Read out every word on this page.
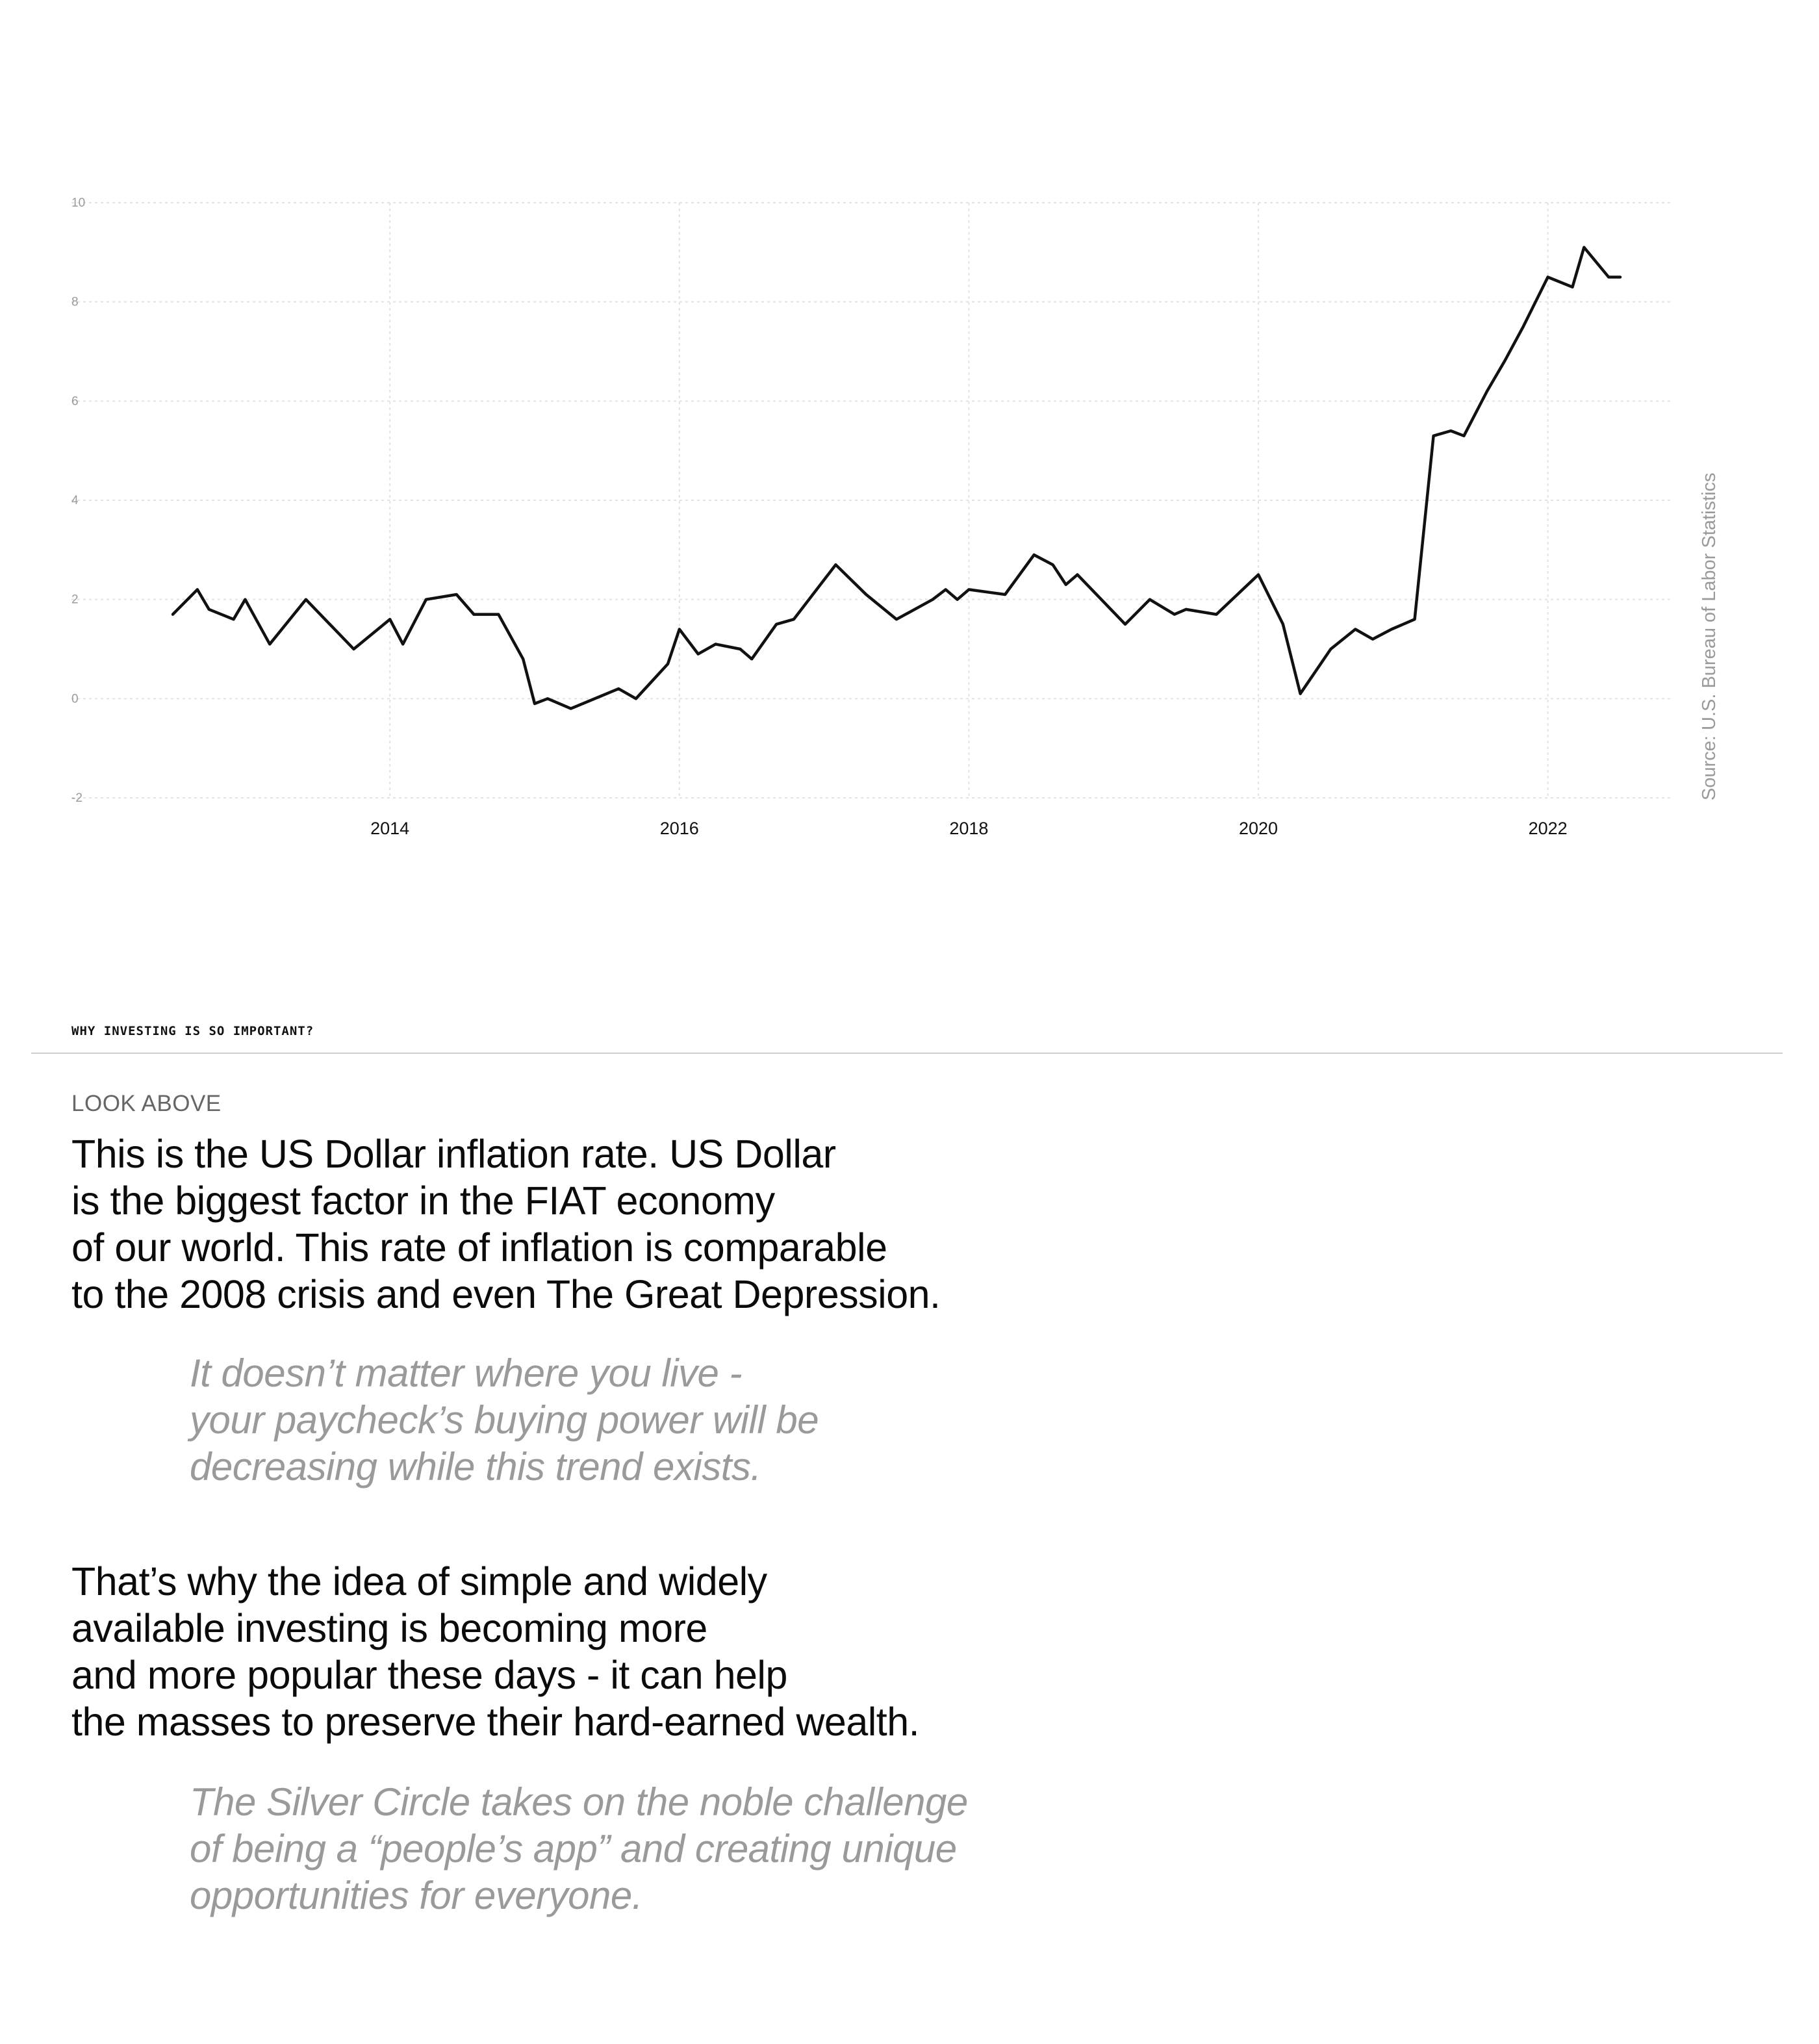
10
8
6
4
2
0
-2
2014	2016	2018	2020	2022
Source: U.S. Bureau of Labor Statistics
WHY INVESTING IS SO IMPORTANT?
LOOK ABOVE
This is the US Dollar inflation rate. US Dollar
is the biggest factor in the FIAT economy
of our world. This rate of inflation is comparable
to the 2008 crisis and even The Great Depression.
It doesn’t matter where you live -
your paycheck’s buying power will be
decreasing while this trend exists.
That’s why the idea of simple and widely
available investing is becoming more
and more popular these days - it can help
the masses to preserve their hard-earned wealth.
The Silver Circle takes on the noble challenge
of being a “people’s app” and creating unique
opportunities for everyone.
